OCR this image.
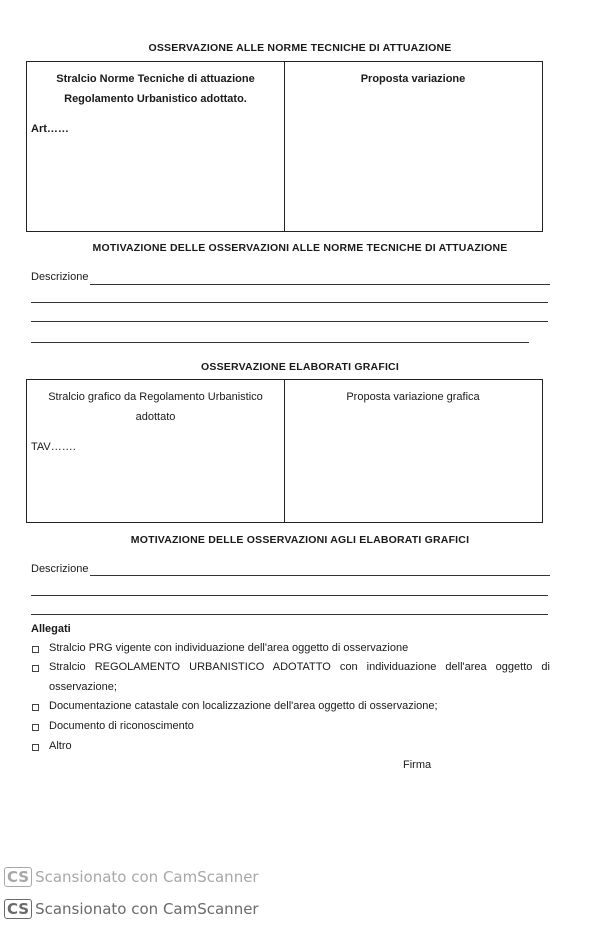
OSSERVAZIONE ALLE NORME TECNICHE DI ATTUAZIONE
Stralcio Norme Tecniche di attuazione
Regolamento Urbanistico adottato.
Art……
Proposta variazione
MOTIVAZIONE DELLE OSSERVAZIONI ALLE NORME TECNICHE DI ATTUAZIONE
Descrizione
OSSERVAZIONE ELABORATI GRAFICI
Stralcio grafico da Regolamento Urbanistico
adottato
TAV…….
Proposta variazione grafica
MOTIVAZIONE DELLE OSSERVAZIONI AGLI ELABORATI GRAFICI
Descrizione
Allegati
Stralcio PRG vigente con individuazione dell'area oggetto di osservazione
Stralcio REGOLAMENTO URBANISTICO ADOTATTO con individuazione dell'area oggetto di
osservazione;
Documentazione catastale con localizzazione dell'area oggetto di osservazione;
Documento di riconoscimento
Altro
Firma
CS Scansionato con CamScanner
CS Scansionato con CamScanner
